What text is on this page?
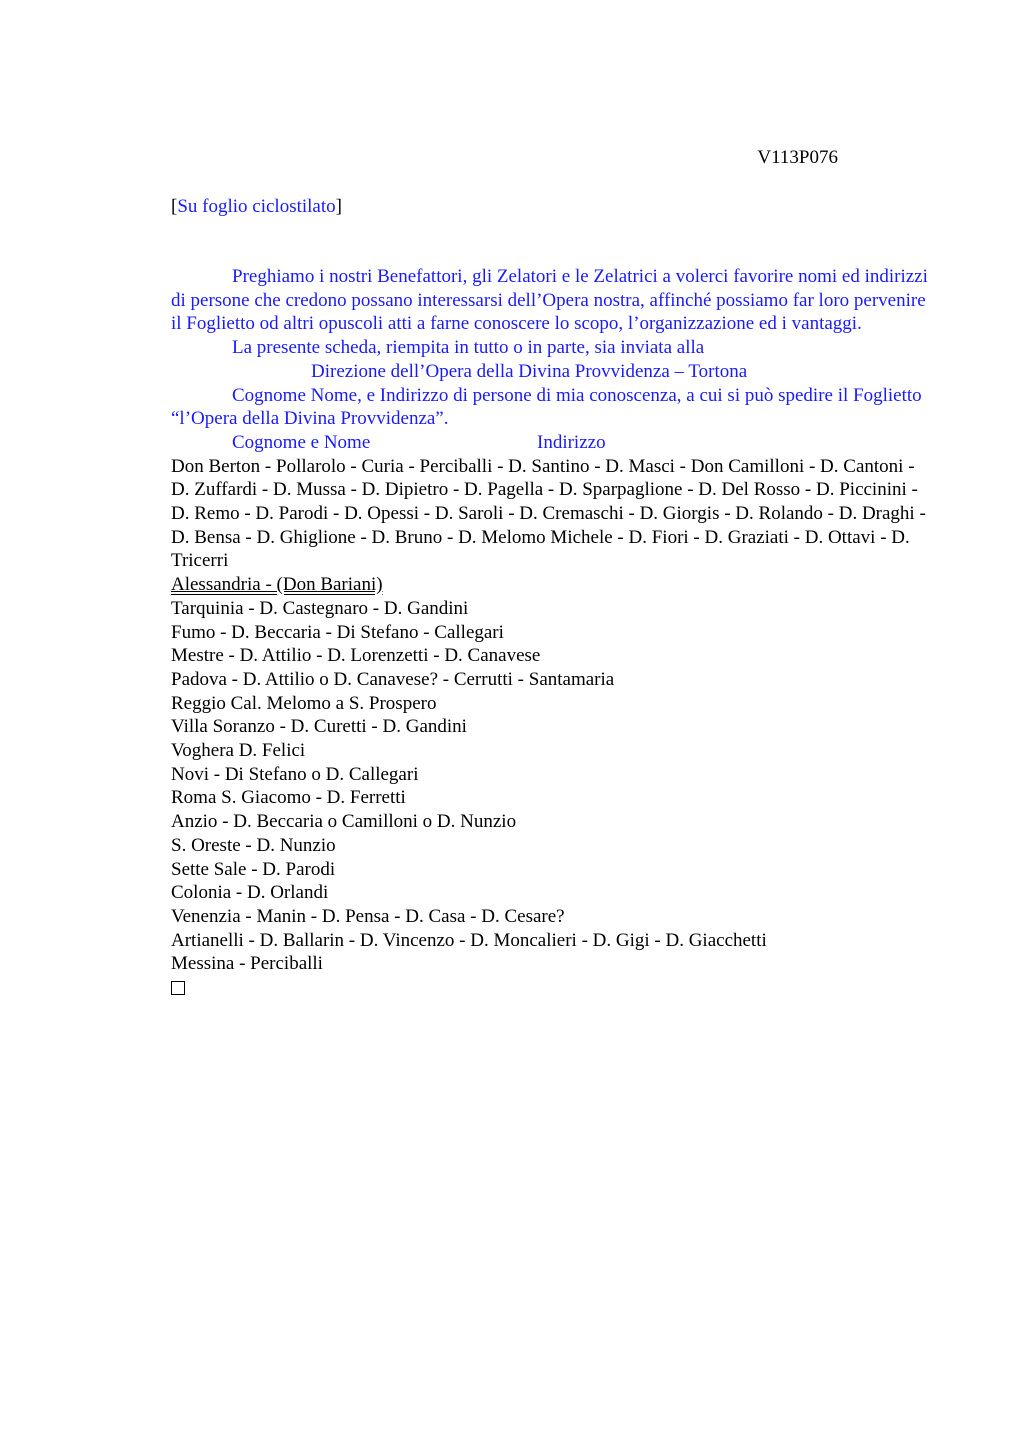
V113P076
[Su foglio ciclostilato]

Preghiamo i nostri Benefattori, gli Zelatori e le Zelatrici a volerci favorire nomi ed indirizzi di persone che credono possano interessarsi dell’Opera nostra, affinché possiamo far loro pervenire il Foglietto od altri opuscoli atti a farne conoscere lo scopo, l’organizzazione ed i vantaggi.

La presente scheda, riempita in tutto o in parte, sia inviata alla

Direzione dell’Opera della Divina Provvidenza – Tortona

Cognome Nome, e Indirizzo di persone di mia conoscenza, a cui si può spedire il Foglietto “l’Opera della Divina Provvidenza”.

Cognome e Nome	Indirizzo

Don Berton - Pollarolo - Curia - Perciballi - D. Santino - D. Masci - Don Camilloni - D. Cantoni - D. Zuffardi - D. Mussa - D. Dipietro - D. Pagella - D. Sparpaglione - D. Del Rosso - D. Piccinini - D. Remo - D. Parodi - D. Opessi - D. Saroli - D. Cremaschi - D. Giorgis - D. Rolando - D. Draghi - D. Bensa - D. Ghiglione - D. Bruno - D. Melomo Michele - D. Fiori - D. Graziati - D. Ottavi - D. Tricerri

Alessandria - (Don Bariani)

Tarquinia - D. Castegnaro - D. Gandini

Fumo - D. Beccaria - Di Stefano - Callegari

Mestre - D. Attilio - D. Lorenzetti - D. Canavese

Padova - D. Attilio o D. Canavese? - Cerrutti - Santamaria

Reggio Cal. Melomo a S. Prospero

Villa Soranzo - D. Curetti - D. Gandini

Voghera D. Felici

Novi - Di Stefano o D. Callegari

Roma S. Giacomo - D. Ferretti

Anzio - D. Beccaria o Camilloni o D. Nunzio

S. Oreste - D. Nunzio

Sette Sale - D. Parodi

Colonia - D. Orlandi

Venenzia - Manin - D. Pensa - D. Casa - D. Cesare?

Artianelli - D. Ballarin - D. Vincenzo - D. Moncalieri - D. Gigi - D. Giacchetti

Messina - Perciballi
